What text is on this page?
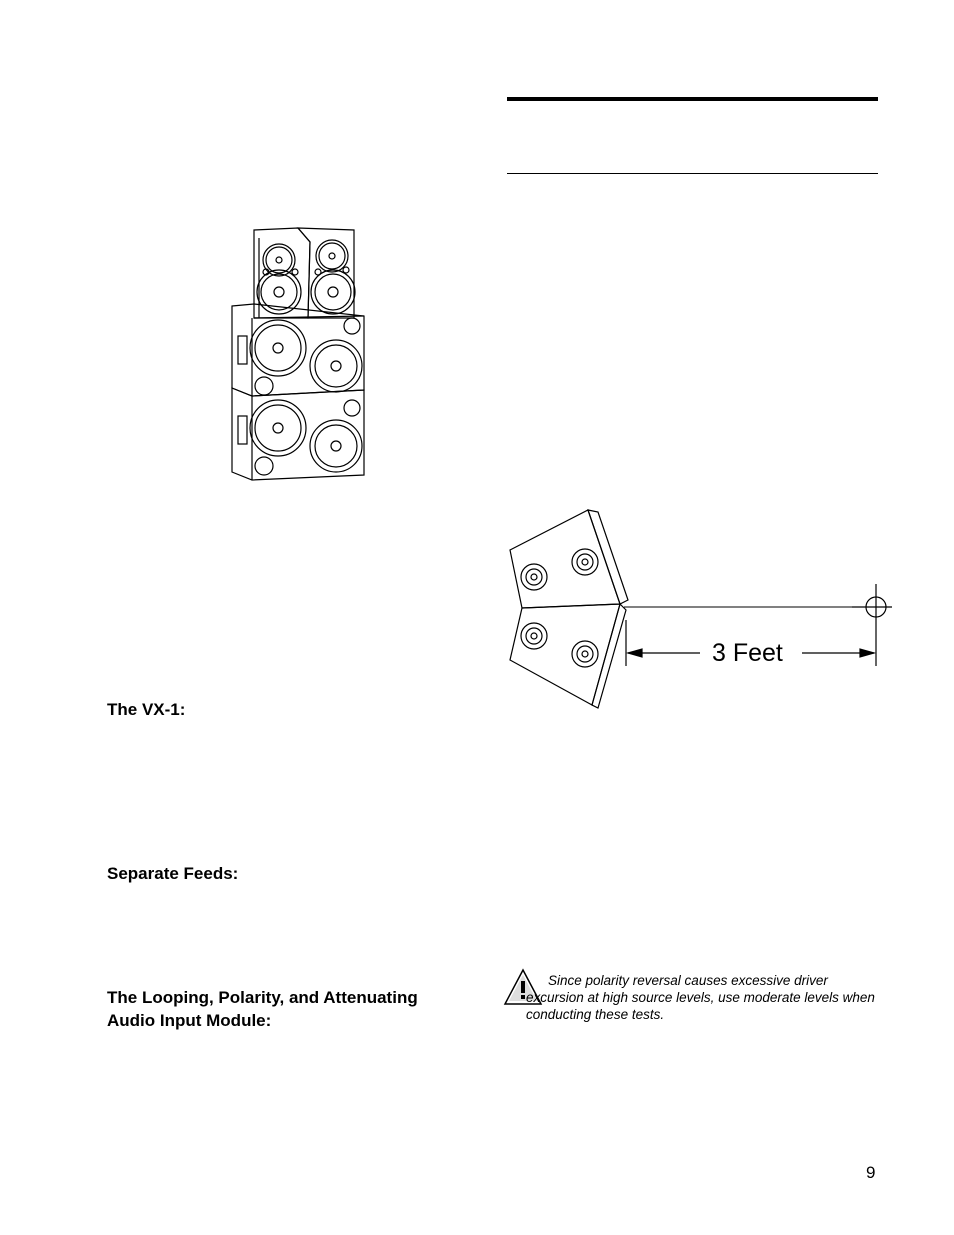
3 Feet
The VX-1:
Separate Feeds:
The Looping, Polarity, and Attenuating Audio Input Module:
Since polarity reversal causes excessive driver excursion at high source levels, use moderate levels when conducting these tests.
9
